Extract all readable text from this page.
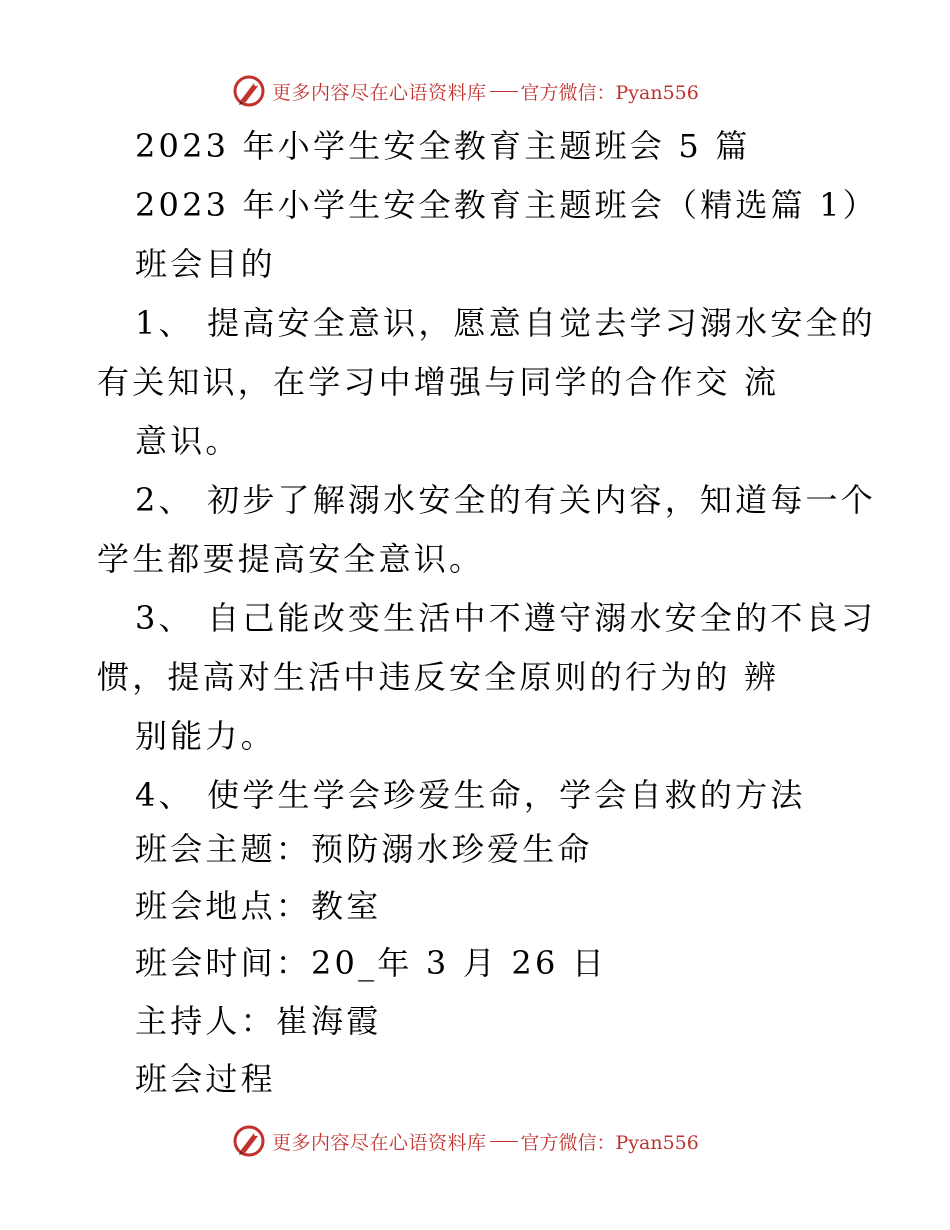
更多内容尽在心语资料库 官方微信：Pyan556
2023 年小学生安全教育主题班会 5 篇
2023 年小学生安全教育主题班会（精选篇 1）
班会目的
1、 提高安全意识，愿意自觉去学习溺水安全的
有关知识，在学习中增强与同学的合作交 流
意识。
2、 初步了解溺水安全的有关内容，知道每一个
学生都要提高安全意识。
3、 自己能改变生活中不遵守溺水安全的不良习
惯，提高对生活中违反安全原则的行为的 辨
别能力。
4、 使学生学会珍爱生命，学会自救的方法
班会主题：预防溺水珍爱生命
班会地点：教室
班会时间：20_年 3 月 26 日
主持人：崔海霞
班会过程
更多内容尽在心语资料库 官方微信：Pyan556
